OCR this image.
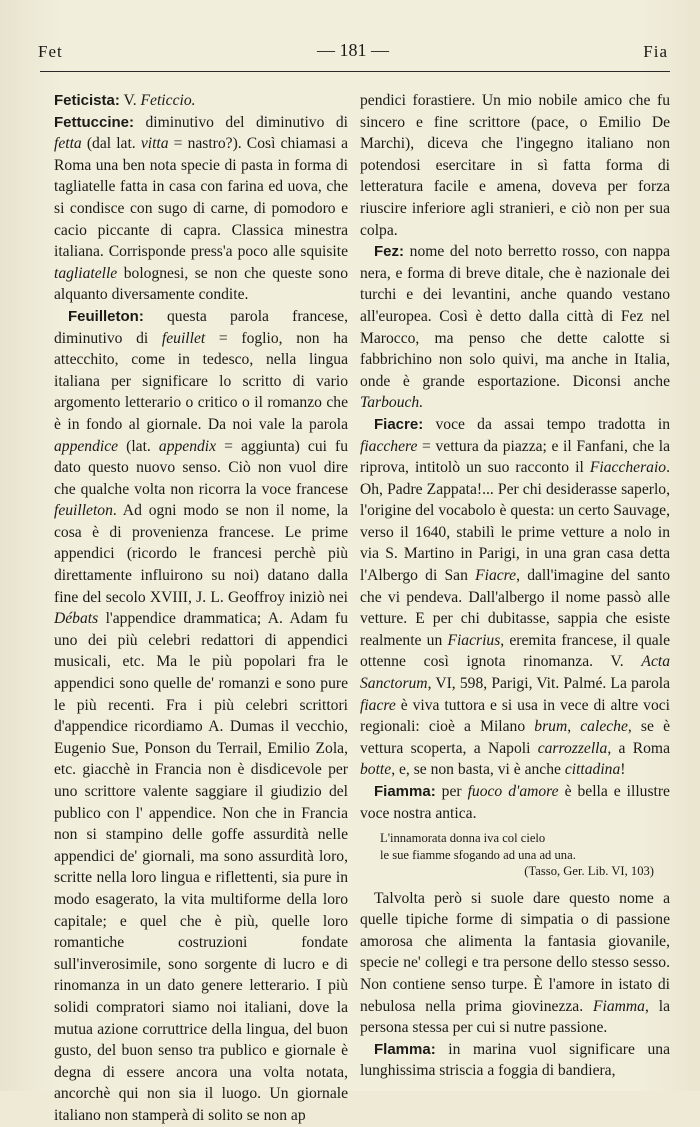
Fet	— 181 —	Fia

Feticista: V. Feticcio.

Fettuccine: diminutivo del diminutivo di fetta (dal lat. vitta = nastro?). Così chiamasi a Roma una ben nota specie di pasta in forma di tagliatelle fatta in casa con farina ed uova, che si condisce con sugo di carne, di pomodoro e cacio piccante di capra. Classica minestra italiana. Corrisponde press'a poco alle squisite tagliatelle bolognesi, se non che queste sono alquanto diversamente condite.

Feuilleton: questa parola francese, diminutivo di feuillet = foglio, non ha attecchito, come in tedesco, nella lingua italiana per significare lo scritto di vario argomento letterario o critico o il romanzo che è in fondo al giornale. Da noi vale la parola appendice (lat. appendix = aggiunta) cui fu dato questo nuovo senso. Ciò non vuol dire che qualche volta non ricorra la voce francese feuilleton. Ad ogni modo se non il nome, la cosa è di provenienza francese. Le prime appendici (ricordo le francesi perchè più direttamente influirono su noi) datano dalla fine del secolo XVIII, J. L. Geoffroy iniziò nei Débats l'appendice drammatica; A. Adam fu uno dei più celebri redattori di appendici musicali, etc. Ma le più popolari fra le appendici sono quelle de' romanzi e sono pure le più recenti. Fra i più celebri scrittori d'appendice ricordiamo A. Dumas il vecchio, Eugenio Sue, Ponson du Terrail, Emilio Zola, etc. giacchè in Francia non è disdicevole per uno scrittore valente saggiare il giudizio del publico con l' appendice. Non che in Francia non si stampino delle goffe assurdità nelle appendici de' giornali, ma sono assurdità loro, scritte nella loro lingua e riflettenti, sia pure in modo esagerato, la vita multiforme della loro capitale; e quel che è più, quelle loro romantiche costruzioni fondate sull'inverosimile, sono sorgente di lucro e di rinomanza in un dato genere letterario. I più solidi compratori siamo noi italiani, dove la mutua azione corruttrice della lingua, del buon gusto, del buon senso tra publico e giornale è degna di essere ancora una volta notata, ancorchè qui non sia il luogo. Un giornale italiano non stamperà di solito se non ap

pendici forastiere. Un mio nobile amico che fu sincero e fine scrittore (pace, o Emilio De Marchi), diceva che l'ingegno italiano non potendosi esercitare in sì fatta forma di letteratura facile e amena, doveva per forza riuscire inferiore agli stranieri, e ciò non per sua colpa.

Fez: nome del noto berretto rosso, con nappa nera, e forma di breve ditale, che è nazionale dei turchi e dei levantini, anche quando vestano all'europea. Così è detto dalla città di Fez nel Marocco, ma penso che dette calotte si fabbrichino non solo quivi, ma anche in Italia, onde è grande esportazione. Diconsi anche Tarbouch.

Fiacre: voce da assai tempo tradotta in fiacchere = vettura da piazza; e il Fanfani, che la riprova, intitolò un suo racconto il Fiaccheraio. Oh, Padre Zappata!... Per chi desiderasse saperlo, l'origine del vocabolo è questa: un certo Sauvage, verso il 1640, stabilì le prime vetture a nolo in via S. Martino in Parigi, in una gran casa detta l'Albergo di San Fiacre, dall'imagine del santo che vi pendeva. Dall'albergo il nome passò alle vetture. E per chi dubitasse, sappia che esiste realmente un Fiacrius, eremita francese, il quale ottenne così ignota rinomanza. V. Acta Sanctorum, VI, 598, Parigi, Vit. Palmé. La parola fiacre è viva tuttora e si usa in vece di altre voci regionali: cioè a Milano brum, caleche, se è vettura scoperta, a Napoli carrozzella, a Roma botte, e, se non basta, vi è anche cittadina!

Fiamma: per fuoco d'amore è bella e illustre voce nostra antica.

L'innamorata donna iva col cielo
le sue fiamme sfogando ad una ad una.
(Tasso, Ger. Lib. VI, 103)

Talvolta però si suole dare questo nome a quelle tipiche forme di simpatia o di passione amorosa che alimenta la fantasia giovanile, specie ne' collegi e tra persone dello stesso sesso. Non contiene senso turpe. È l'amore in istato di nebulosa nella prima giovinezza. Fiamma, la persona stessa per cui si nutre passione.

Flamma: in marina vuol significare una lunghissima striscia a foggia di bandiera,
